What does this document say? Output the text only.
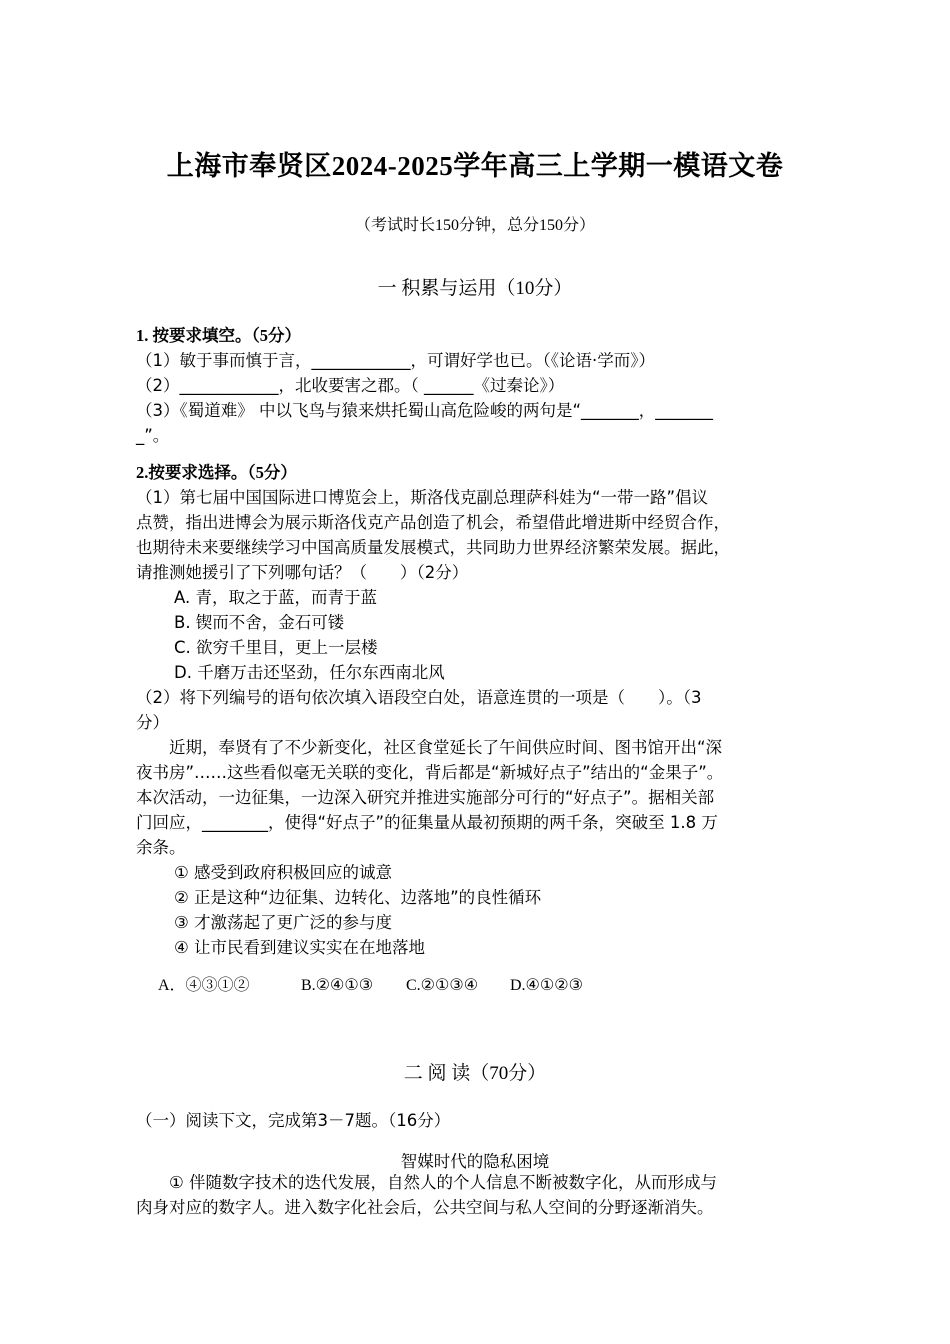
上海市奉贤区2024-2025学年高三上学期一模语文卷
（考试时长150分钟，总分150分）
一 积累与运用（10分）
1. 按要求填空。（5分）
（1）敏于事而慎于言，____________，可谓好学也已。（《论语·学而》）
（2）____________，北收要害之郡。（ ______《过秦论》）
（3）《蜀道难》 中以飞鸟与猿来烘托蜀山高危险峻的两句是“_______，_______
_”。
2.按要求选择。（5分）
（1）第七届中国国际进口博览会上，斯洛伐克副总理萨科娃为“一带一路”倡议
点赞，指出进博会为展示斯洛伐克产品创造了机会，希望借此增进斯中经贸合作，
也期待未来要继续学习中国高质量发展模式，共同助力世界经济繁荣发展。据此，
请推测她援引了下列哪句话？（　　）（2分）
A. 青，取之于蓝，而青于蓝
B. 锲而不舍，金石可镂
C. 欲穷千里目，更上一层楼
D. 千磨万击还坚劲，任尔东西南北风
（2）将下列编号的语句依次填入语段空白处，语意连贯的一项是（　　）。（3
分）
　　近期，奉贤有了不少新变化，社区食堂延长了午间供应时间、图书馆开出“深
夜书房”……这些看似毫无关联的变化，背后都是“新城好点子”结出的“金果子”。
本次活动，一边征集，一边深入研究并推进实施部分可行的“好点子”。据相关部
门回应，________，使得“好点子”的征集量从最初预期的两千条，突破至 1.8 万
余条。
① 感受到政府积极回应的诚意
② 正是这种“边征集、边转化、边落地”的良性循环
③ 才激荡起了更广泛的参与度
④ 让市民看到建议实实在在地落地
A．④③①②	B.②④①③ C.②①③④ D.④①②③
二 阅 读（70分）
（一）阅读下文，完成第3－7题。（16分）
智媒时代的隐私困境
　　① 伴随数字技术的迭代发展，自然人的个人信息不断被数字化，从而形成与
肉身对应的数字人。进入数字化社会后，公共空间与私人空间的分野逐渐消失。
